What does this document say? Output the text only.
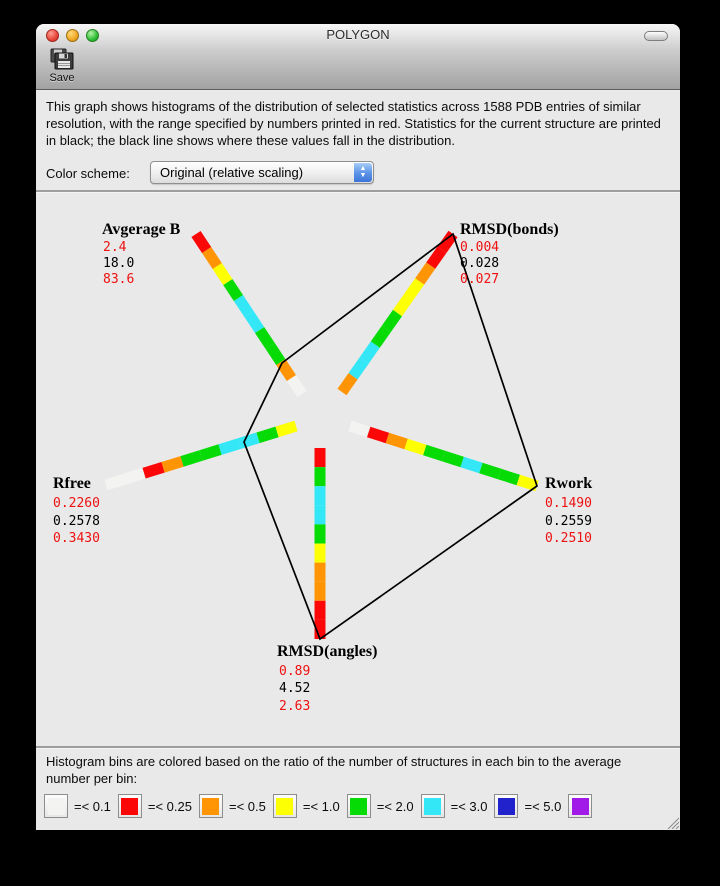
POLYGON
Save
This graph shows histograms of the distribution of selected statistics across 1588 PDB entries of similar resolution, with the range specified by numbers printed in red. Statistics for the current structure are printed in black; the black line shows where these values fall in the distribution.
Color scheme: Original (relative scaling)	▲
▼
Avgerage B
2.4
18.0
83.6
RMSD(bonds)
0.004
0.028
0.027
Rwork
0.1490
0.2559
0.2510
RMSD(angles)
0.89
4.52
2.63
Rfree
0.2260
0.2578
0.3430
Histogram bins are colored based on the ratio of the number of structures in each bin to the average number per bin:
=< 0.1	=< 0.25	=< 0.5	=< 1.0	=< 2.0	=< 3.0	=< 5.0
